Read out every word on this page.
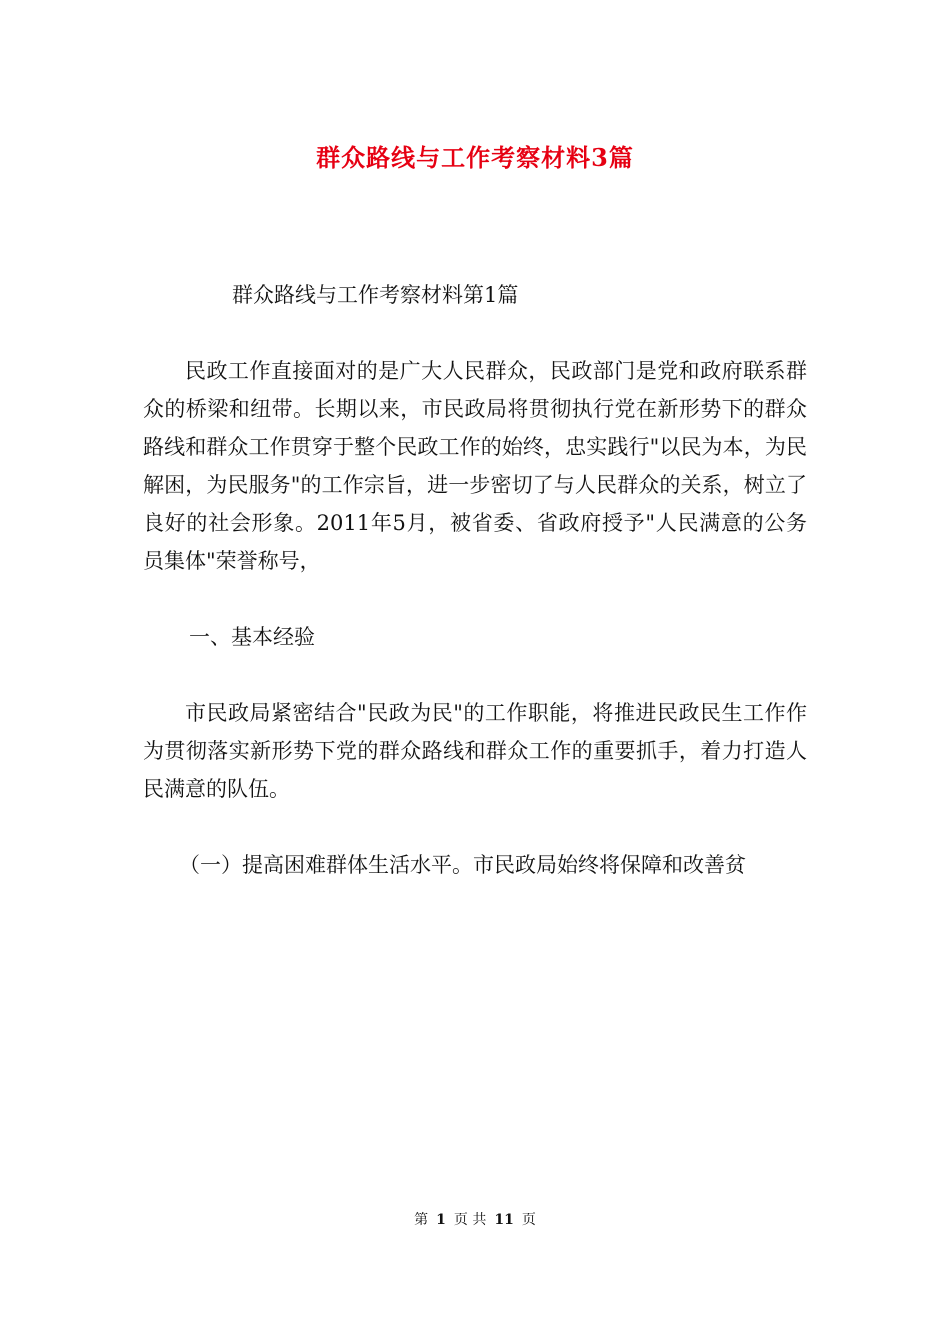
群众路线与工作考察材料3篇

群众路线与工作考察材料第1篇

民政工作直接面对的是广大人民群众，民政部门是党和政府联系群众的桥梁和纽带。长期以来，市民政局将贯彻执行党在新形势下的群众路线和群众工作贯穿于整个民政工作的始终，忠实践行"以民为本，为民解困，为民服务"的工作宗旨，进一步密切了与人民群众的关系，树立了良好的社会形象。2011年5月，被省委、省政府授予"人民满意的公务员集体"荣誉称号，

一、基本经验

市民政局紧密结合"民政为民"的工作职能，将推进民政民生工作作为贯彻落实新形势下党的群众路线和群众工作的重要抓手，着力打造人民满意的队伍。

（一）提高困难群体生活水平。市民政局始终将保障和改善贫

第 1 页 共 11 页
